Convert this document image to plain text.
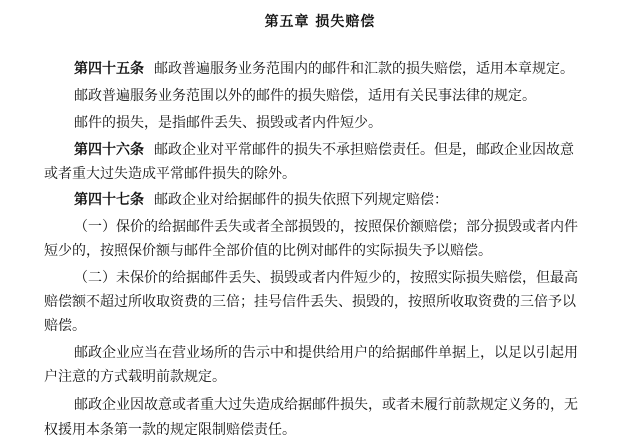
第五章 损失赔偿
第四十五条 邮政普遍服务业务范围内的邮件和汇款的损失赔偿，适用本章规定。
邮政普遍服务业务范围以外的邮件的损失赔偿，适用有关民事法律的规定。
邮件的损失，是指邮件丢失、损毁或者内件短少。
第四十六条 邮政企业对平常邮件的损失不承担赔偿责任。但是，邮政企业因故意
或者重大过失造成平常邮件损失的除外。
第四十七条 邮政企业对给据邮件的损失依照下列规定赔偿：
（一）保价的给据邮件丢失或者全部损毁的，按照保价额赔偿；部分损毁或者内件
短少的，按照保价额与邮件全部价值的比例对邮件的实际损失予以赔偿。
（二）未保价的给据邮件丢失、损毁或者内件短少的，按照实际损失赔偿，但最高
赔偿额不超过所收取资费的三倍；挂号信件丢失、损毁的，按照所收取资费的三倍予以
赔偿。
邮政企业应当在营业场所的告示中和提供给用户的给据邮件单据上，以足以引起用
户注意的方式载明前款规定。
邮政企业因故意或者重大过失造成给据邮件损失，或者未履行前款规定义务的，无
权援用本条第一款的规定限制赔偿责任。
